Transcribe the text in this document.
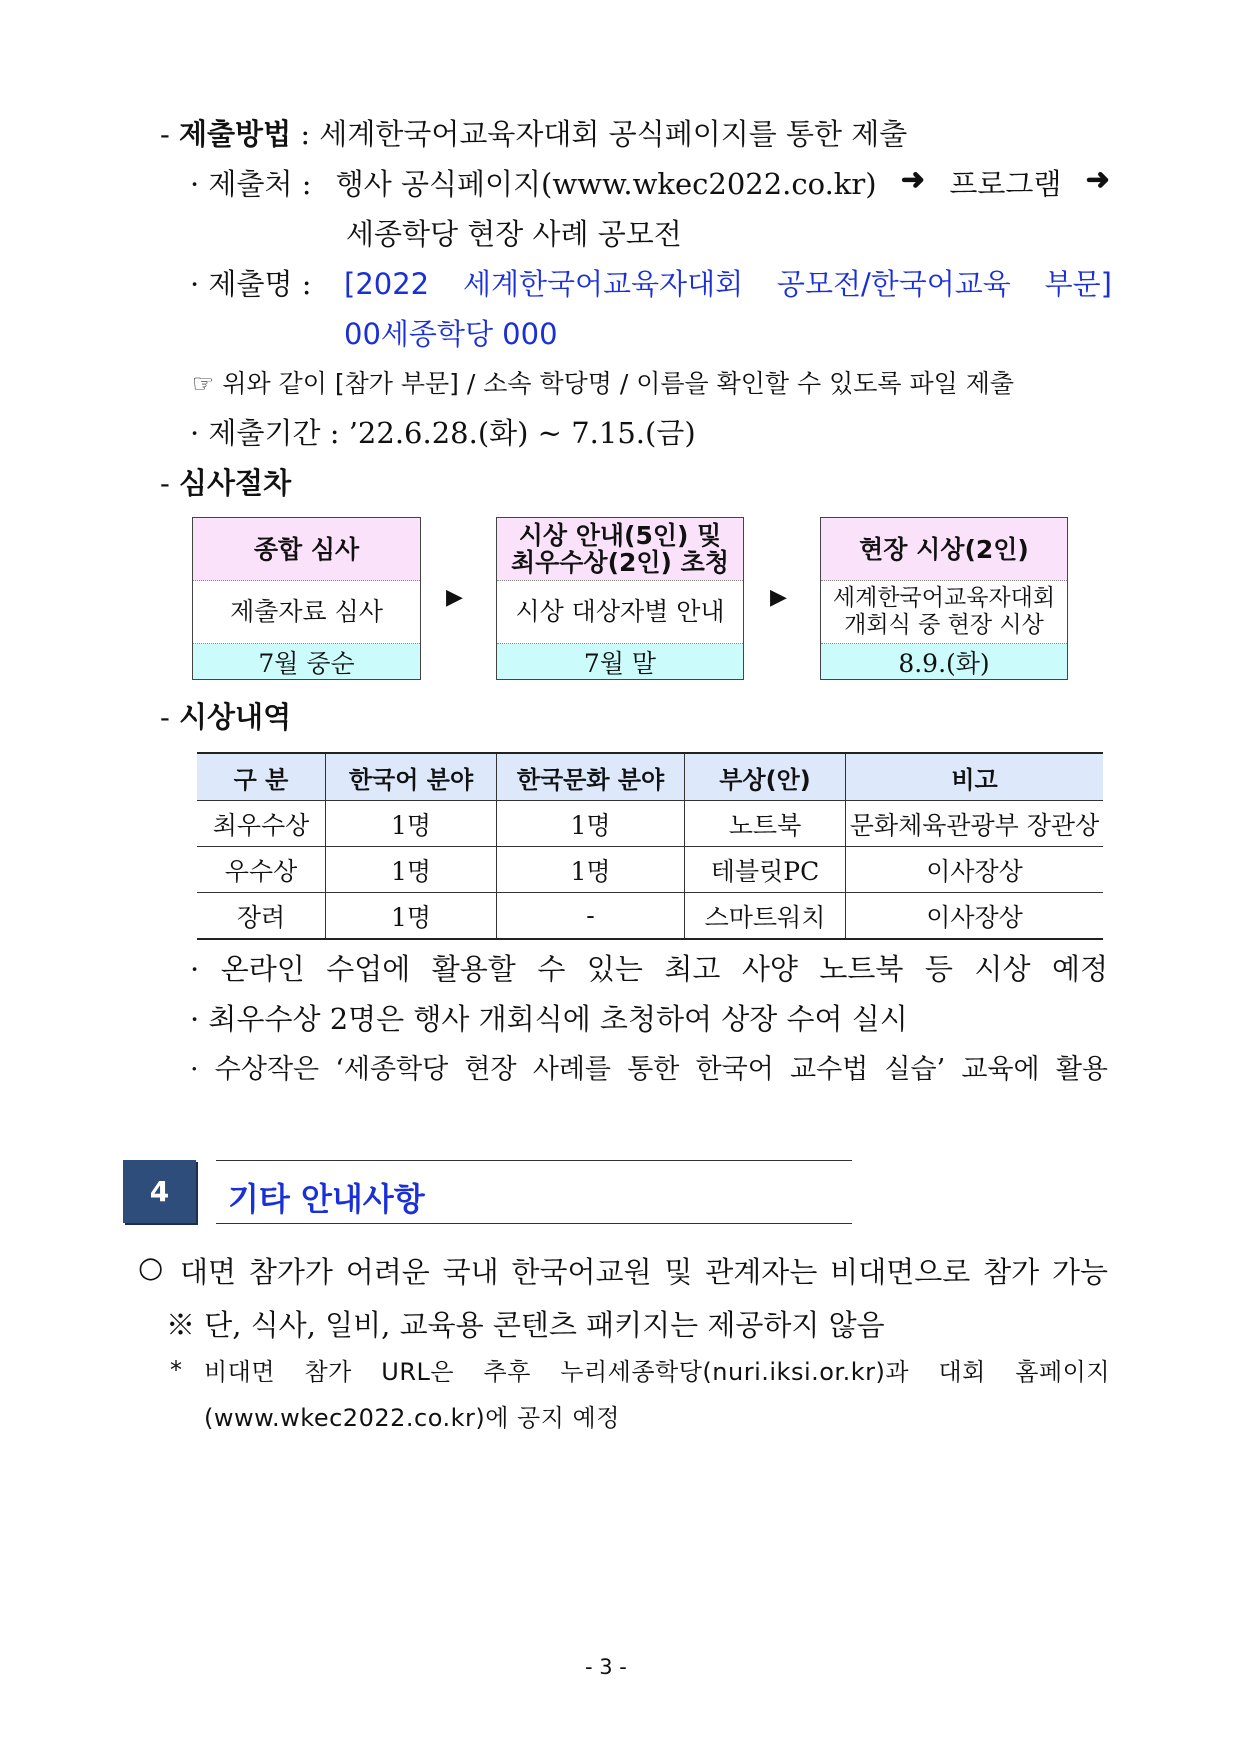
- 제출방법 : 세계한국어교육자대회 공식페이지를 통한 제출
· 제출처 : 행사 공식페이지(www.wkec2022.co.kr) ➜ 프로그램 ➜
세종학당 현장 사례 공모전
· 제출명 : [2022 세계한국어교육자대회 공모전/한국어교육 부문]
00세종학당 000
☞ 위와 같이 [참가 부문] / 소속 학당명 / 이름을 확인할 수 있도록 파일 제출
· 제출기간 : ’22.6.28.(화) ~ 7.15.(금)
- 심사절차
종합 심사
제출자료 심사
7월 중순
▶
시상 안내(5인) 및
최우수상(2인) 초청
시상 대상자별 안내
7월 말
▶
현장 시상(2인)
세계한국어교육자대회
개회식 중 현장 시상
8.9.(화)
- 시상내역
구 분	한국어 분야	한국문화 분야	부상(안)	비고
최우수상	1명	1명	노트북	문화체육관광부 장관상
우수상	1명	1명	테블릿PC	이사장상
장려	1명	-	스마트워치	이사장상
· 온라인 수업에 활용할 수 있는 최고 사양 노트북 등 시상 예정
· 최우수상 2명은 행사 개회식에 초청하여 상장 수여 실시
· 수상작은 ‘세종학당 현장 사례를 통한 한국어 교수법 실습’ 교육에 활용
4	기타 안내사항
○ 대면 참가가 어려운 국내 한국어교원 및 관계자는 비대면으로 참가 가능
※ 단, 식사, 일비, 교육용 콘텐츠 패키지는 제공하지 않음
* 비대면 참가 URL은 추후 누리세종학당(nuri.iksi.or.kr)과 대회 홈페이지
(www.wkec2022.co.kr)에 공지 예정
- 3 -
